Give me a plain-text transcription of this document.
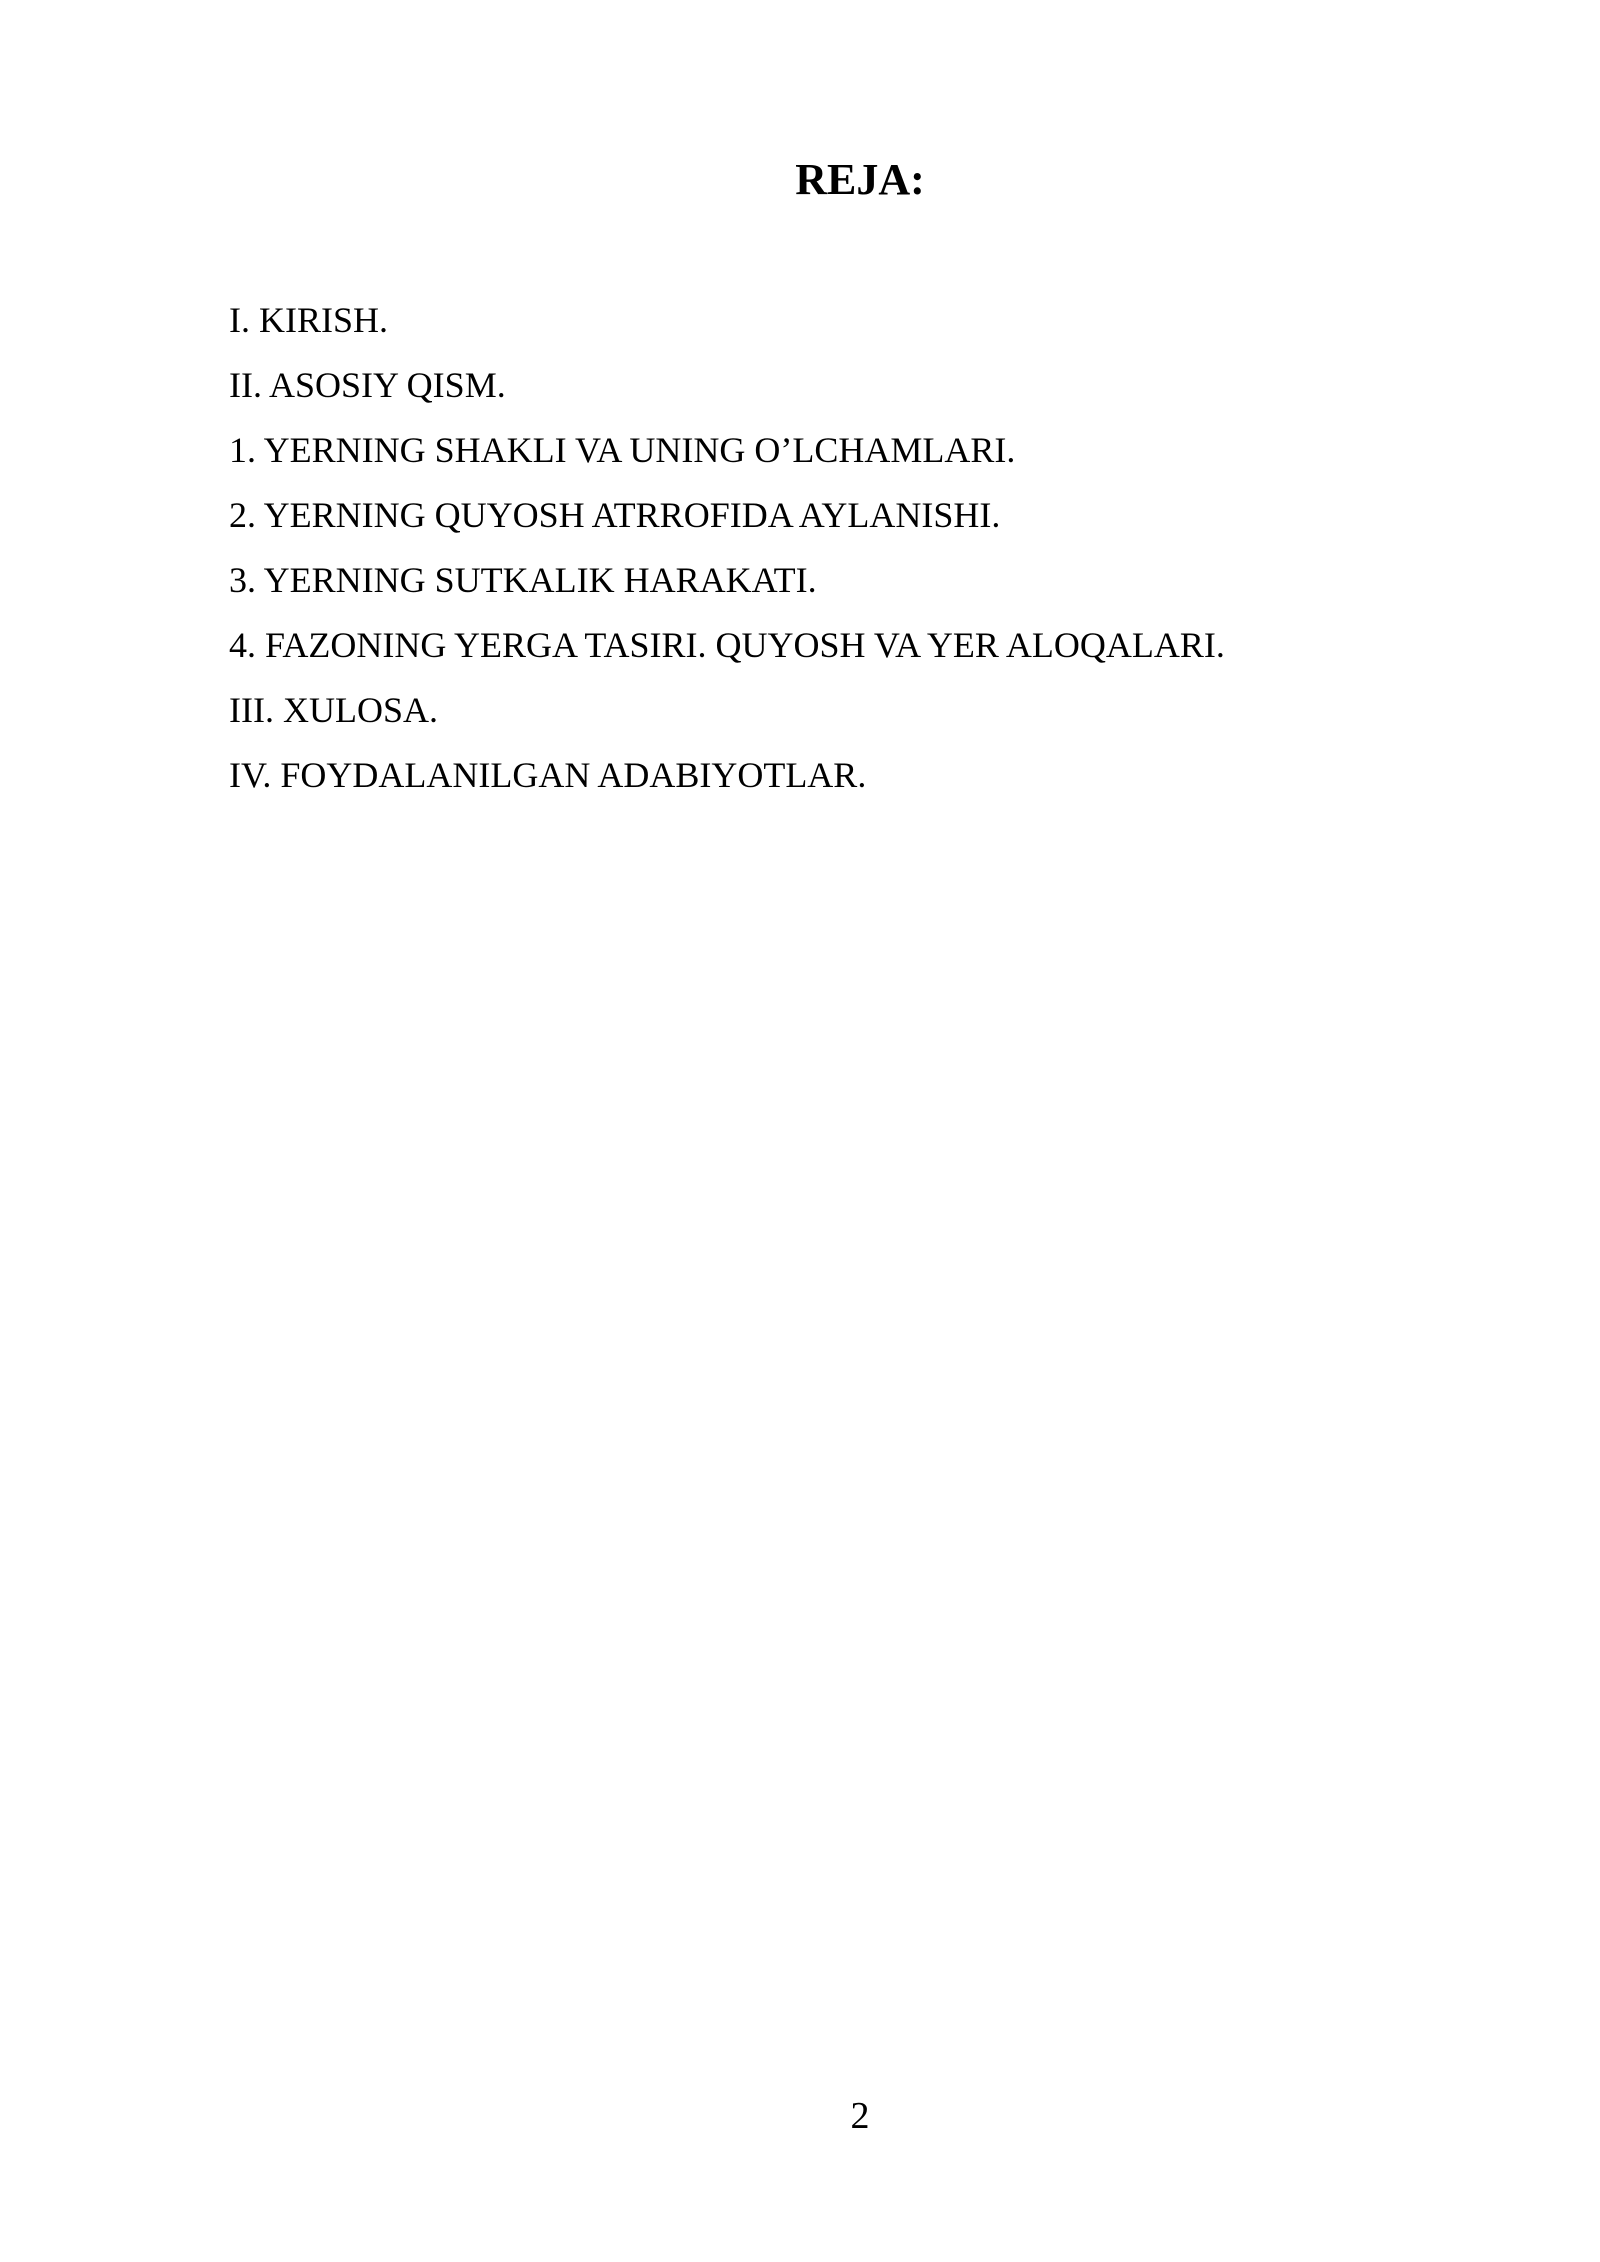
REJA:
I. KIRISH.
II. ASOSIY QISM.
1. YERNING SHAKLI VA UNING O’LCHAMLARI.
2. YERNING QUYOSH ATRROFIDA AYLANISHI.
3. YERNING SUTKALIK HARAKATI.
4. FAZONING YERGA TASIRI. QUYOSH VA YER ALOQALARI.
III. XULOSA.
IV. FOYDALANILGAN ADABIYOTLAR.
2
